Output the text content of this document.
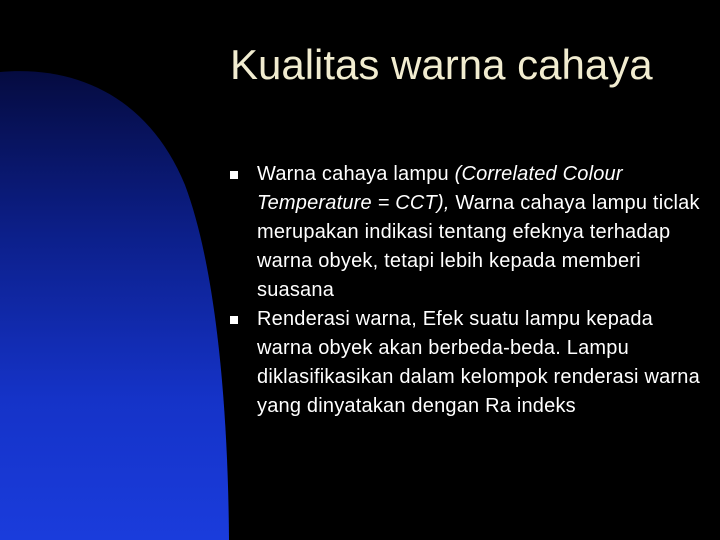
Kualitas warna cahaya
Warna cahaya lampu (Correlated Colour Temperature = CCT), Warna cahaya lampu ticlak merupakan indikasi tentang efeknya terhadap warna obyek, tetapi lebih kepada memberi suasana
Renderasi warna, Efek suatu lampu kepada warna obyek akan berbeda-beda. Lampu diklasifikasikan dalam kelompok renderasi warna yang dinyatakan dengan Ra indeks
